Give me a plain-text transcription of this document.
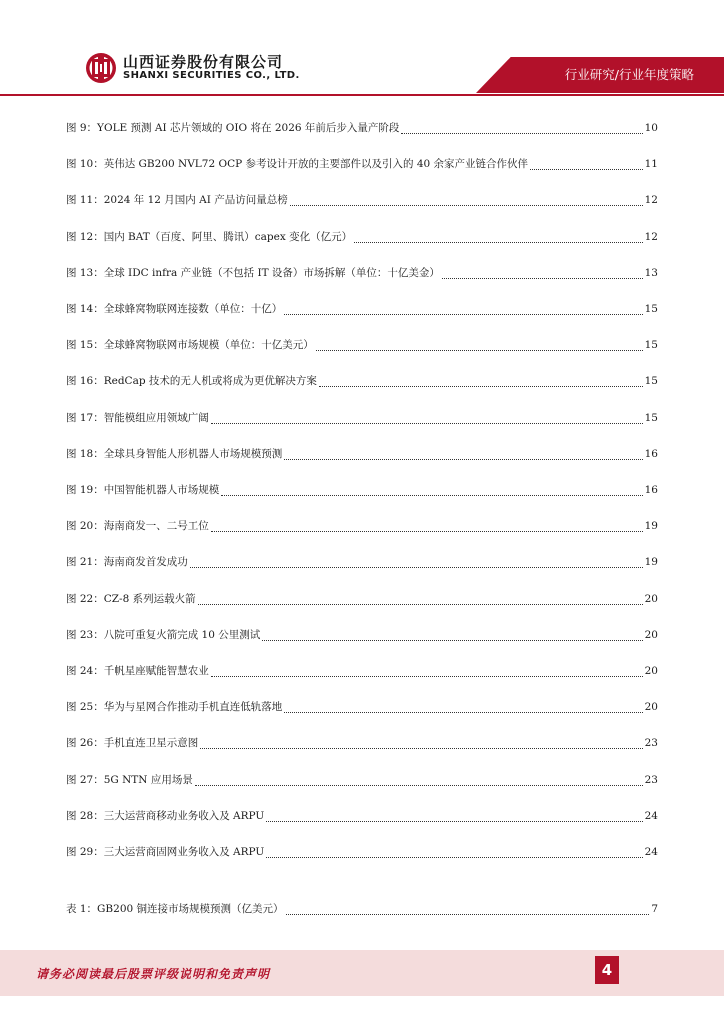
山西证券股份有限公司
SHANXI SECURITIES CO., LTD.	行业研究/行业年度策略
图 9： YOLE 预测 AI 芯片领域的 OIO 将在 2026 年前后步入量产阶段	10
图 10： 英伟达 GB200 NVL72 OCP 参考设计开放的主要部件以及引入的 40 余家产业链合作伙伴	11
图 11： 2024 年 12 月国内 AI 产品访问量总榜	12
图 12： 国内 BAT（百度、阿里、腾讯）capex 变化（亿元）	12
图 13： 全球 IDC infra 产业链（不包括 IT 设备）市场拆解（单位：十亿美金）	13
图 14： 全球蜂窝物联网连接数（单位：十亿）	15
图 15： 全球蜂窝物联网市场规模（单位：十亿美元）	15
图 16： RedCap 技术的无人机或将成为更优解决方案	15
图 17： 智能模组应用领域广阔	15
图 18： 全球具身智能人形机器人市场规模预测	16
图 19： 中国智能机器人市场规模	16
图 20： 海南商发一、二号工位	19
图 21： 海南商发首发成功	19
图 22： CZ-8 系列运载火箭	20
图 23： 八院可重复火箭完成 10 公里测试	20
图 24： 千帆星座赋能智慧农业	20
图 25： 华为与星网合作推动手机直连低轨落地	20
图 26： 手机直连卫星示意图	23
图 27： 5G NTN 应用场景	23
图 28： 三大运营商移动业务收入及 ARPU	24
图 29： 三大运营商固网业务收入及 ARPU	24
表 1： GB200 铜连接市场规模预测（亿美元）	7
请务必阅读最后股票评级说明和免责声明	4
